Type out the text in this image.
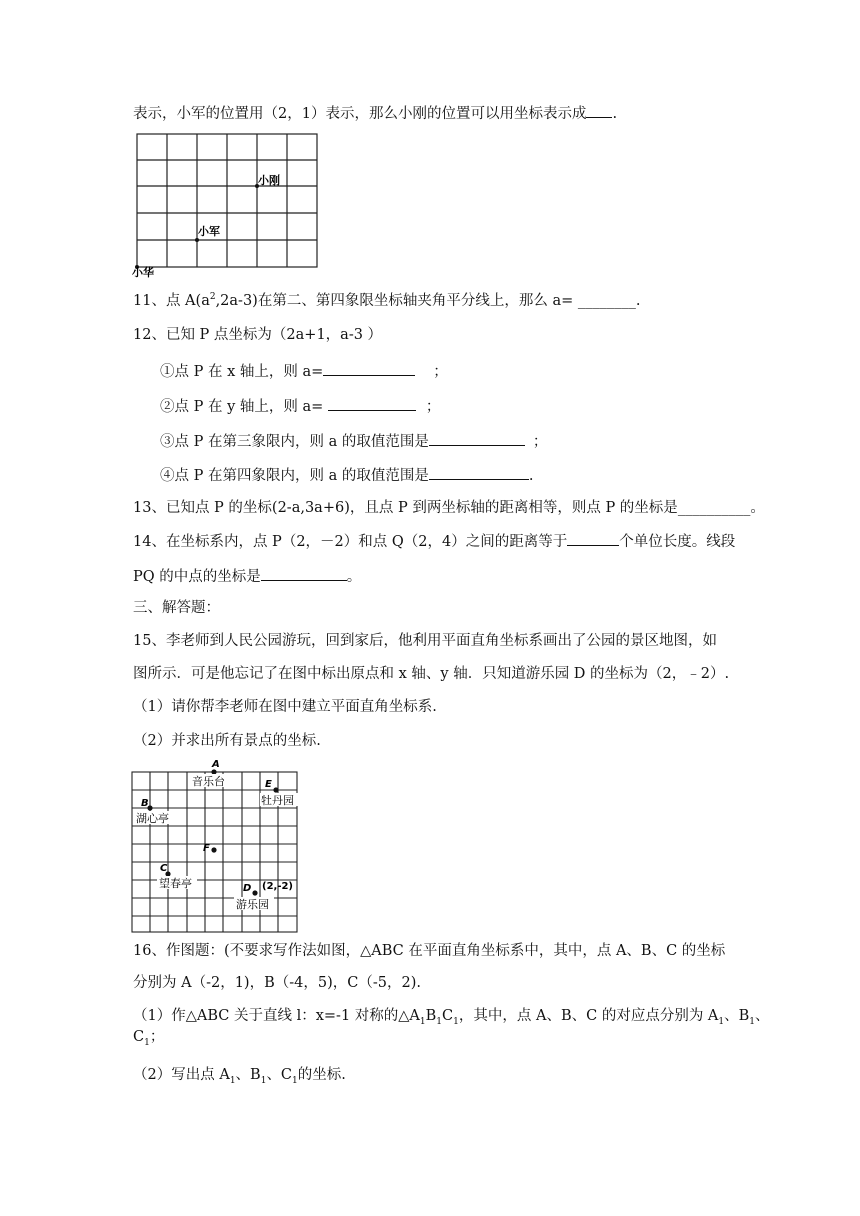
表示，小军的位置用（2，1）表示，那么小刚的位置可以用坐标表示成 .
小刚
小军
小华
11、点 $A(a^2,2a-3)$在第二、第四象限坐标轴夹角平分线上，那么 a= ________.
12、已知 P 点坐标为（2a+1，a-3 ）
①点 P 在 x 轴上，则 a=	；
②点 P 在 y 轴上，则 a=	；
③点 P 在第三象限内，则 a 的取值范围是	；
④点 P 在第四象限内，则 a 的取值范围是	.
13、已知点 P 的坐标(2-a,3a+6)，且点 P 到两坐标轴的距离相等，则点 P 的坐标是__________。
14、在坐标系内，点 P（2，－2）和点 Q（2，4）之间的距离等于	个单位长度。线段
PQ 的中点的坐标是	。
三、解答题：
15、李老师到人民公园游玩，回到家后，他利用平面直角坐标系画出了公园的景区地图，如
图所示．可是他忘记了在图中标出原点和 x 轴、y 轴．只知道游乐园 D 的坐标为（2，﹣2）.
（1）请你帮李老师在图中建立平面直角坐标系.
（2）并求出所有景点的坐标.
A
音乐台	E
牡丹园
B
湖心亭
F
C
望春亭	D (2,-2)
游乐园
16、作图题：(不要求写作法如图，△ABC 在平面直角坐标系中，其中，点 A、B、C 的坐标
分别为 A（-2，1)，B（-4，5)，C（-5，2).
（1）作△ABC 关于直线 l：x=-1 对称的$\triangle A_1B_1C_1$，其中，点 A、B、C 的对应点分别为 $A_1$、$B_1$、
$C_1$；
（2）写出点 $A_1$、$B_1$、$C_1$的坐标.
